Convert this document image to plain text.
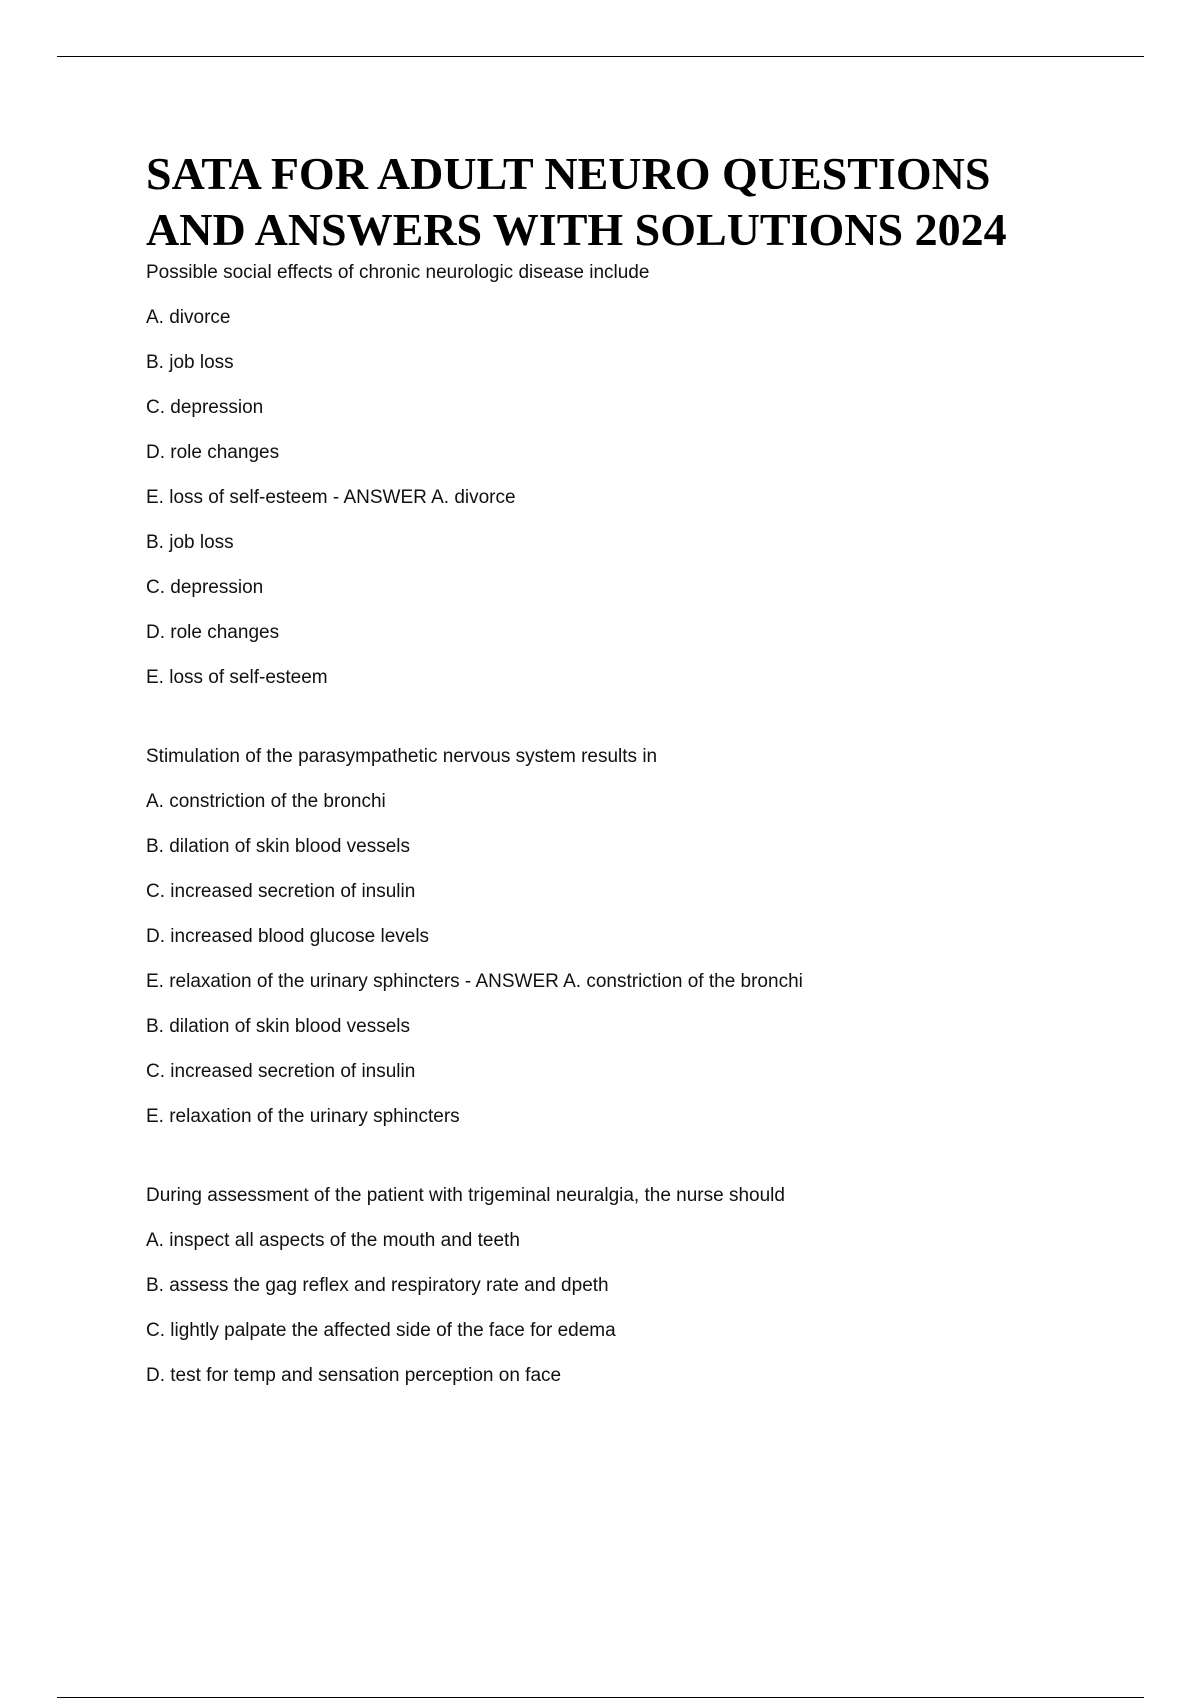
SATA FOR ADULT NEURO QUESTIONS
AND ANSWERS WITH SOLUTIONS 2024
Possible social effects of chronic neurologic disease include
A. divorce
B. job loss
C. depression
D. role changes
E. loss of self-esteem - ANSWER A. divorce
B. job loss
C. depression
D. role changes
E. loss of self-esteem
Stimulation of the parasympathetic nervous system results in
A. constriction of the bronchi
B. dilation of skin blood vessels
C. increased secretion of insulin
D. increased blood glucose levels
E. relaxation of the urinary sphincters - ANSWER A. constriction of the bronchi
B. dilation of skin blood vessels
C. increased secretion of insulin
E. relaxation of the urinary sphincters
During assessment of the patient with trigeminal neuralgia, the nurse should
A. inspect all aspects of the mouth and teeth
B. assess the gag reflex and respiratory rate and dpeth
C. lightly palpate the affected side of the face for edema
D. test for temp and sensation perception on face
